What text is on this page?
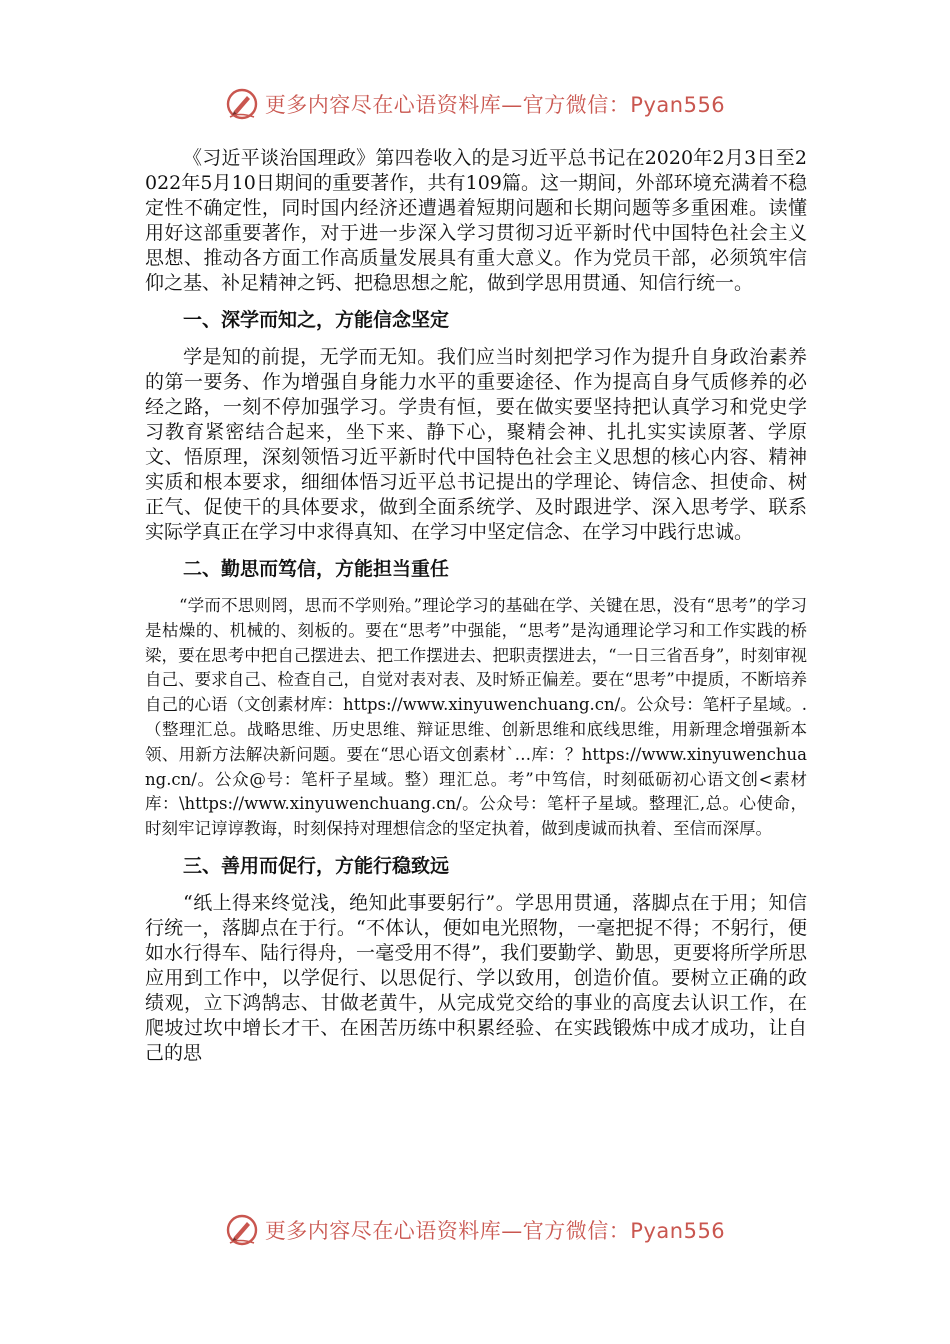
更多内容尽在心语资料库—官方微信：Pyan556

《习近平谈治国理政》第四卷收入的是习近平总书记在2020年2月3日至2022年5月10日期间的重要著作，共有109篇。这一期间，外部环境充满着不稳定性不确定性，同时国内经济还遭遇着短期问题和长期问题等多重困难。读懂用好这部重要著作，对于进一步深入学习贯彻习近平新时代中国特色社会主义思想、推动各方面工作高质量发展具有重大意义。作为党员干部，必须筑牢信仰之基、补足精神之钙、把稳思想之舵，做到学思用贯通、知信行统一。

一、深学而知之，方能信念坚定

学是知的前提，无学而无知。我们应当时刻把学习作为提升自身政治素养的第一要务、作为增强自身能力水平的重要途径、作为提高自身气质修养的必经之路，一刻不停加强学习。学贵有恒，要在做实要坚持把认真学习和党史学习教育紧密结合起来，坐下来、静下心，聚精会神、扎扎实实读原著、学原文、悟原理，深刻领悟习近平新时代中国特色社会主义思想的核心内容、精神实质和根本要求，细细体悟习近平总书记提出的学理论、铸信念、担使命、树正气、促使干的具体要求，做到全面系统学、及时跟进学、深入思考学、联系实际学真正在学习中求得真知、在学习中坚定信念、在学习中践行忠诚。

二、勤思而笃信，方能担当重任

“学而不思则罔，思而不学则殆。”理论学习的基础在学、关键在思，没有“思考”的学习是枯燥的、机械的、刻板的。要在“思考”中强能，“思考”是沟通理论学习和工作实践的桥梁，要在思考中把自己摆进去、把工作摆进去、把职责摆进去，“一日三省吾身”，时刻审视自己、要求自己、检查自己，自觉对表对表、及时矫正偏差。要在“思考”中提质，不断培养自己的心语（文创素材库：https://www.xinyuwenchuang.cn/。公众号：笔杆子星域。.（整理汇总。战略思维、历史思维、辩证思维、创新思维和底线思维，用新理念增强新本领、用新方法解决新问题。要在“思心语文创素材`…库：？https://www.xinyuwenchuang.cn/。公众@号：笔杆子星域。整）理汇总。考”中笃信，时刻砥砺初心语文创<素材库：\https://www.xinyuwenchuang.cn/。公众号：笔杆子星域。整理汇,总。心使命，时刻牢记谆谆教诲，时刻保持对理想信念的坚定执着，做到虔诚而执着、至信而深厚。

三、善用而促行，方能行稳致远

“纸上得来终觉浅，绝知此事要躬行”。学思用贯通，落脚点在于用；知信行统一，落脚点在于行。“不体认，便如电光照物，一毫把捉不得；不躬行，便如水行得车、陆行得舟，一毫受用不得”，我们要勤学、勤思，更要将所学所思应用到工作中，以学促行、以思促行、学以致用，创造价值。要树立正确的政绩观，立下鸿鹄志、甘做老黄牛，从完成党交给的事业的高度去认识工作，在爬坡过坎中增长才干、在困苦历练中积累经验、在实践锻炼中成才成功，让自己的思

更多内容尽在心语资料库—官方微信：Pyan556
